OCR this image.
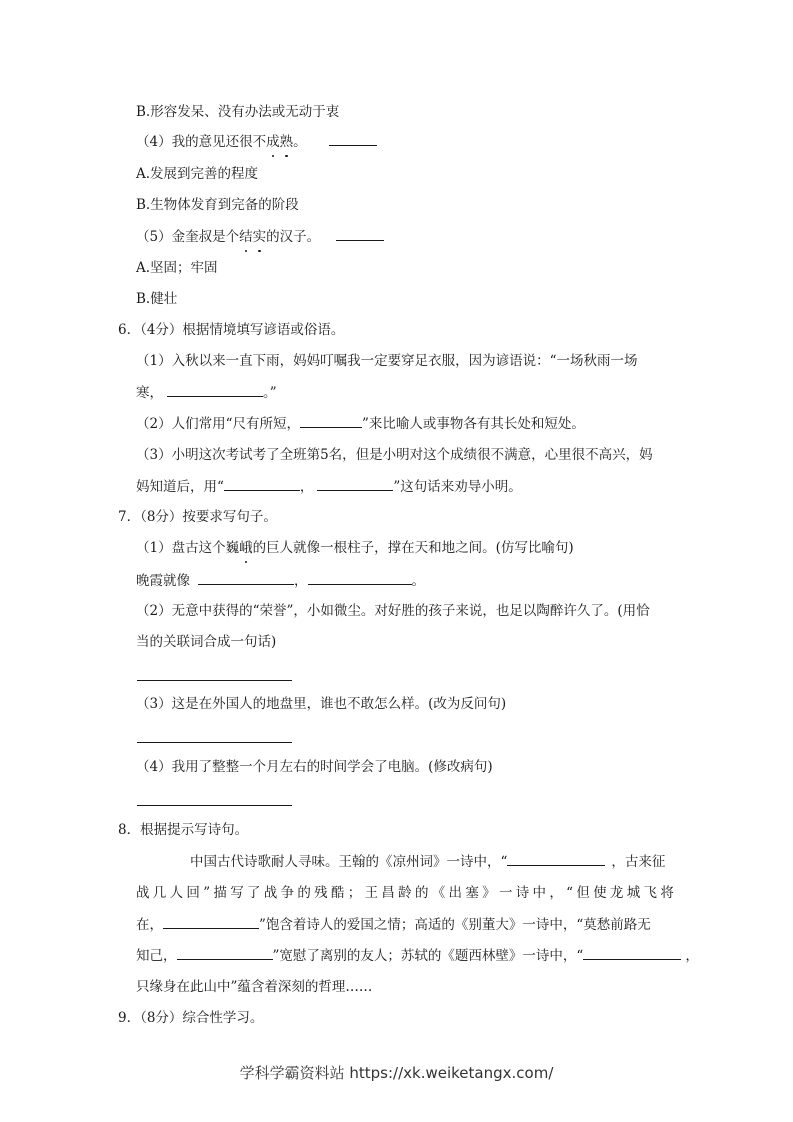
B.形容发呆、没有办法或无动于衷
（4）我的意见还很不成熟。
A.发展到完善的程度
B.生物体发育到完备的阶段
（5）金奎叔是个结实的汉子。
A.坚固；牢固
B.健壮
6．（4分）根据情境填写谚语或俗语。
（1）入秋以来一直下雨，妈妈叮嘱我一定要穿足衣服，因为谚语说：“一场秋雨一场
寒，	。”
（2）人们常用“尺有所短，	”来比喻人或事物各有其长处和短处。
（3）小明这次考试考了全班第5名，但是小明对这个成绩很不满意，心里很不高兴，妈
妈知道后，用“	，	”这句话来劝导小明。
7．（8分）按要求写句子。
（1）盘古这个巍峨的巨人就像一根柱子，撑在天和地之间。(仿写比喻句)
晚霞就像	，	。
（2）无意中获得的“荣誉”，小如微尘。对好胜的孩子来说，也足以陶醉许久了。(用恰
当的关联词合成一句话)
（3）这是在外国人的地盘里，谁也不敢怎么样。(改为反问句)
（4）我用了整整一个月左右的时间学会了电脑。(修改病句)
8．根据提示写诗句。
中国古代诗歌耐人寻味。王翰的《凉州词》一诗中，“	，古来征
战 几 人 回 ” 描 写 了 战 争 的 残 酷 ； 王 昌 龄 的 《 出 塞 》 一 诗 中 ， “ 但 使 龙 城 飞 将
在，	”饱含着诗人的爱国之情；高适的《别董大》一诗中，“莫愁前路无
知己，	”宽慰了离别的友人；苏轼的《题西林壁》一诗中，“	，
只缘身在此山中”蕴含着深刻的哲理……
9．（8分）综合性学习。
学科学霸资料站 https://xk.weiketangx.com/
